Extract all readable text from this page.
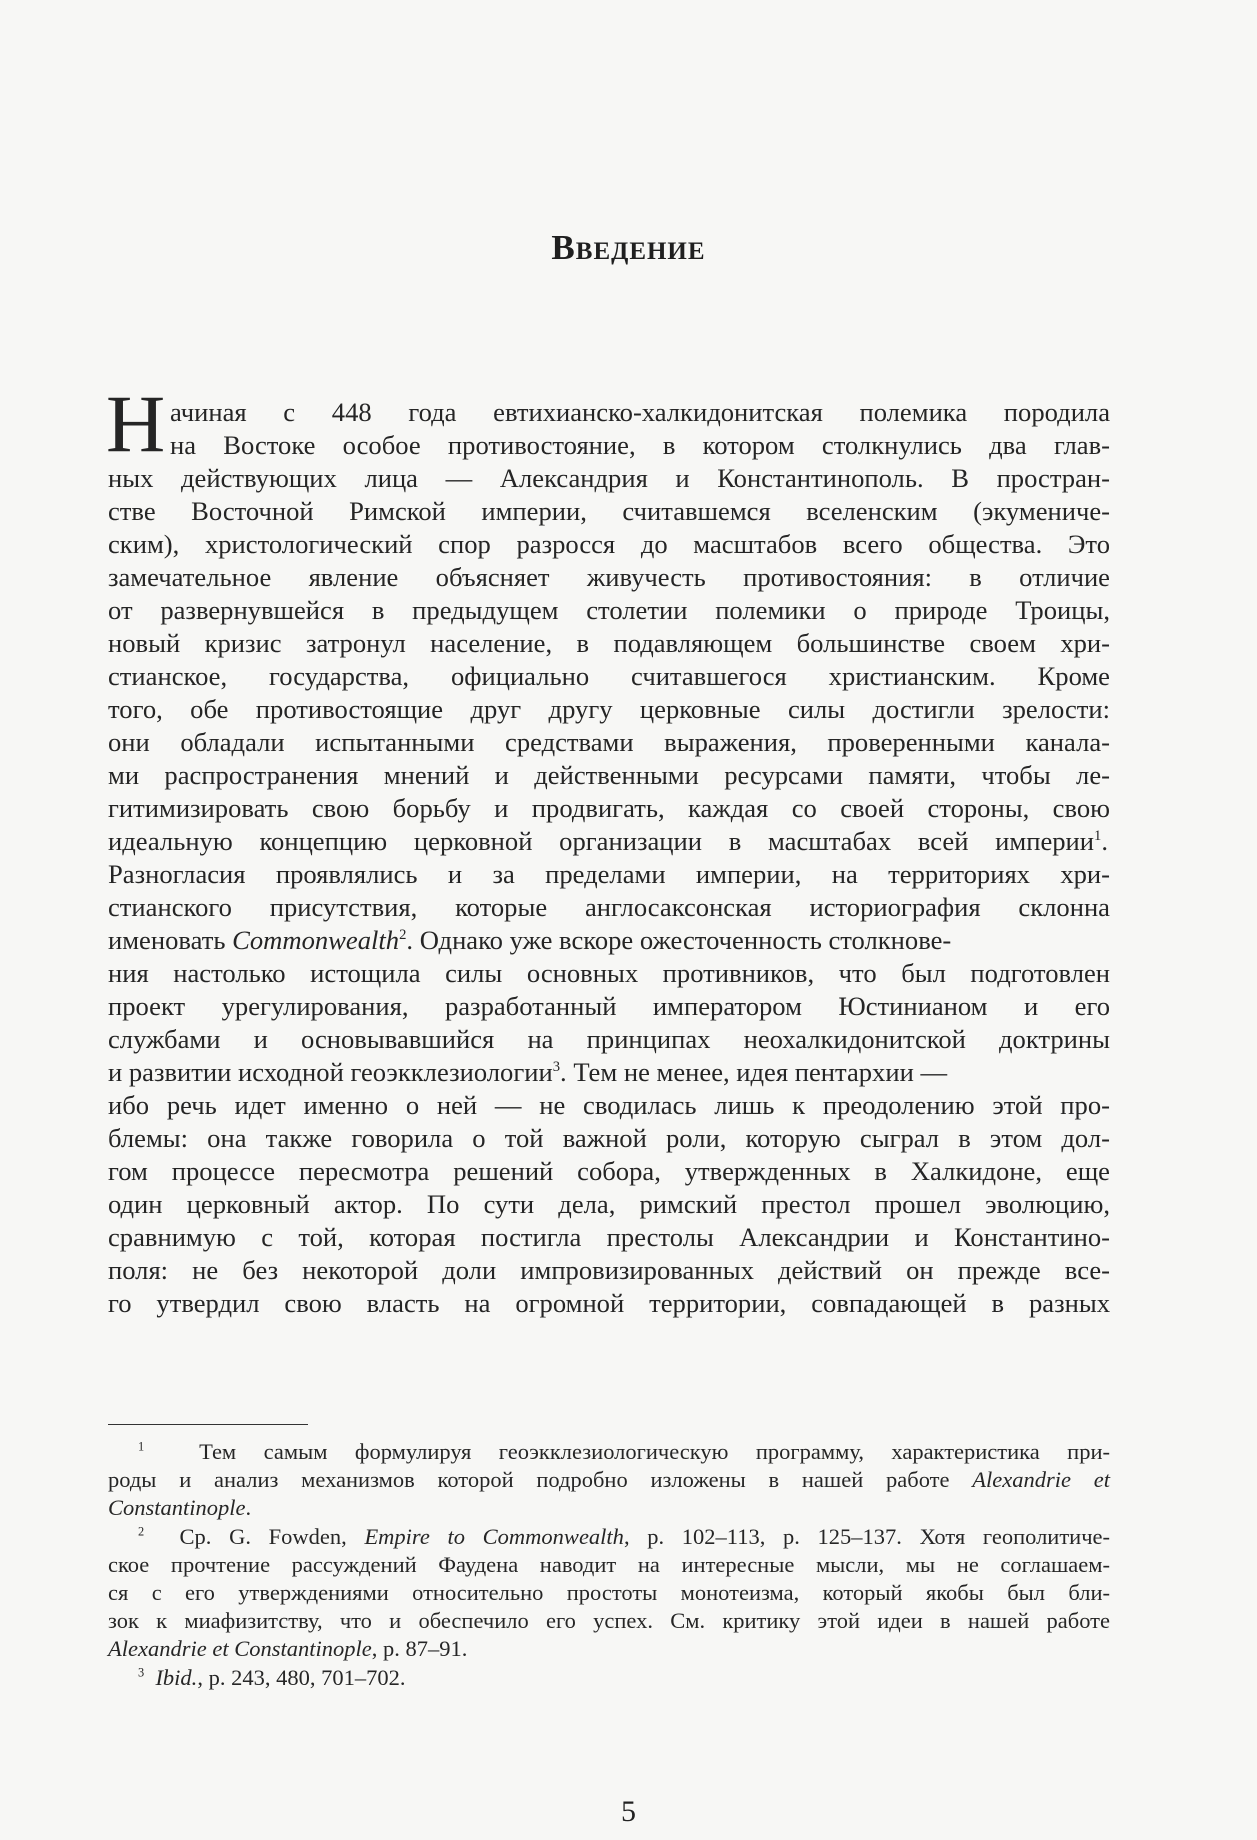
Введение
Н ачиная с 448 года евтихианско-халкидонитская полемика породила
на Востоке особое противостояние, в котором столкнулись два глав-
ных действующих лица — Александрия и Константинополь. В простран-
стве Восточной Римской империи, считавшемся вселенским (экумениче-
ским), христологический спор разросся до масштабов всего общества. Это
замечательное явление объясняет живучесть противостояния: в отличие
от развернувшейся в предыдущем столетии полемики о природе Троицы,
новый кризис затронул население, в подавляющем большинстве своем хри-
стианское, государства, официально считавшегося христианским. Кроме
того, обе противостоящие друг другу церковные силы достигли зрелости:
они обладали испытанными средствами выражения, проверенными канала-
ми распространения мнений и действенными ресурсами памяти, чтобы ле-
гитимизировать свою борьбу и продвигать, каждая со своей стороны, свою
идеальную концепцию церковной организации в масштабах всей империи$^1$.
Разногласия проявлялись и за пределами империи, на территориях хри-
стианского присутствия, которые англосаксонская историография склонна
именовать Commonwealth$^2$. Однако уже вскоре ожесточенность столкнове-
ния настолько истощила силы основных противников, что был подготовлен
проект урегулирования, разработанный императором Юстинианом и его
службами и основывавшийся на принципах неохалкидонитской доктрины
и развитии исходной геоэкклезиологии$^3$. Тем не менее, идея пентархии —
ибо речь идет именно о ней — не сводилась лишь к преодолению этой про-
блемы: она также говорила о той важной роли, которую сыграл в этом дол-
гом процессе пересмотра решений собора, утвержденных в Халкидоне, еще
один церковный актор. По сути дела, римский престол прошел эволюцию,
сравнимую с той, которая постигла престолы Александрии и Константино-
поля: не без некоторой доли импровизированных действий он прежде все-
го утвердил свою власть на огромной территории, совпадающей в разных
$^1$ Тем самым формулируя геоэкклезиологическую программу, характеристика при-
роды и анализ механизмов которой подробно изложены в нашей работе Alexandrie et
Constantinople.
$^2$ Ср. G. Fowden, Empire to Commonwealth, p. 102–113, p. 125–137. Хотя геополитиче-
ское прочтение рассуждений Фаудена наводит на интересные мысли, мы не соглашаем-
ся с его утверждениями относительно простоты монотеизма, который якобы был бли-
зок к миафизитству, что и обеспечило его успех. См. критику этой идеи в нашей работе
Alexandrie et Constantinople, p. 87–91.
$^3$ Ibid., p. 243, 480, 701–702.
5
